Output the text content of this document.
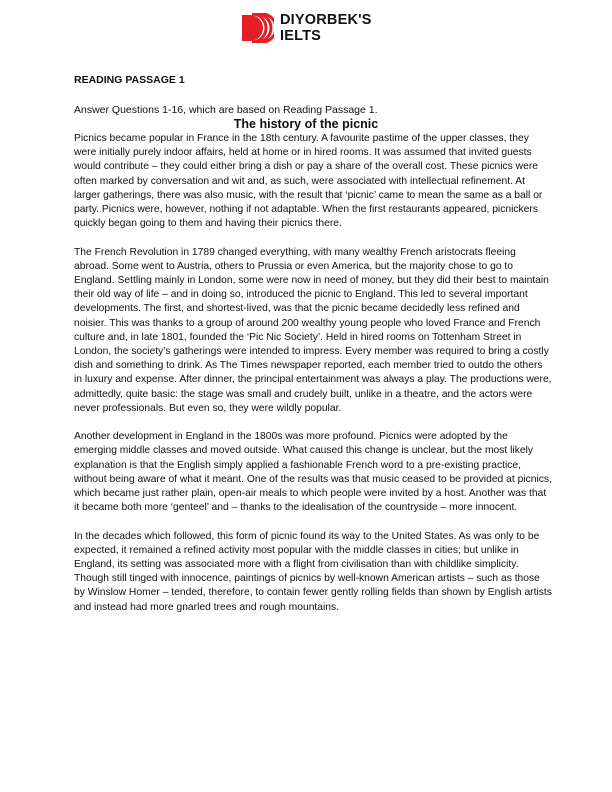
DIYORBEK'S
IELTS
READING PASSAGE 1
Answer Questions 1-16, which are based on Reading Passage 1.
The history of the picnic

Picnics became popular in France in the 18th century. A favourite pastime of the upper classes, they were initially purely indoor affairs, held at home or in hired rooms. It was assumed that invited guests would contribute – they could either bring a dish or pay a share of the overall cost. These picnics were often marked by conversation and wit and, as such, were associated with intellectual refinement. At larger gatherings, there was also music, with the result that ‘picnic’ came to mean the same as a ball or party. Picnics were, however, nothing if not adaptable. When the first restaurants appeared, picnickers quickly began going to them and having their picnics there.

The French Revolution in 1789 changed everything, with many wealthy French aristocrats fleeing abroad. Some went to Austria, others to Prussia or even America, but the majority chose to go to England. Settling mainly in London, some were now in need of money, but they did their best to maintain their old way of life – and in doing so, introduced the picnic to England. This led to several important developments. The first, and shortest-lived, was that the picnic became decidedly less refined and noisier. This was thanks to a group of around 200 wealthy young people who loved France and French culture and, in late 1801, founded the ‘Pic Nic Society’. Held in hired rooms on Tottenham Street in London, the society’s gatherings were intended to impress. Every member was required to bring a costly dish and something to drink. As The Times newspaper reported, each member tried to outdo the others in luxury and expense. After dinner, the principal entertainment was always a play. The productions were, admittedly, quite basic: the stage was small and crudely built, unlike in a theatre, and the actors were never professionals. But even so, they were wildly popular.

Another development in England in the 1800s was more profound. Picnics were adopted by the emerging middle classes and moved outside. What caused this change is unclear, but the most likely explanation is that the English simply applied a fashionable French word to a pre-existing practice, without being aware of what it meant. One of the results was that music ceased to be provided at picnics, which became just rather plain, open-air meals to which people were invited by a host. Another was that it became both more ‘genteel’ and – thanks to the idealisation of the countryside – more innocent.

In the decades which followed, this form of picnic found its way to the United States. As was only to be expected, it remained a refined activity most popular with the middle classes in cities; but unlike in England, its setting was associated more with a flight from civilisation than with childlike simplicity. Though still tinged with innocence, paintings of picnics by well-known American artists – such as those by Winslow Homer – tended, therefore, to contain fewer gently rolling fields than shown by English artists and instead had more gnarled trees and rough mountains.
